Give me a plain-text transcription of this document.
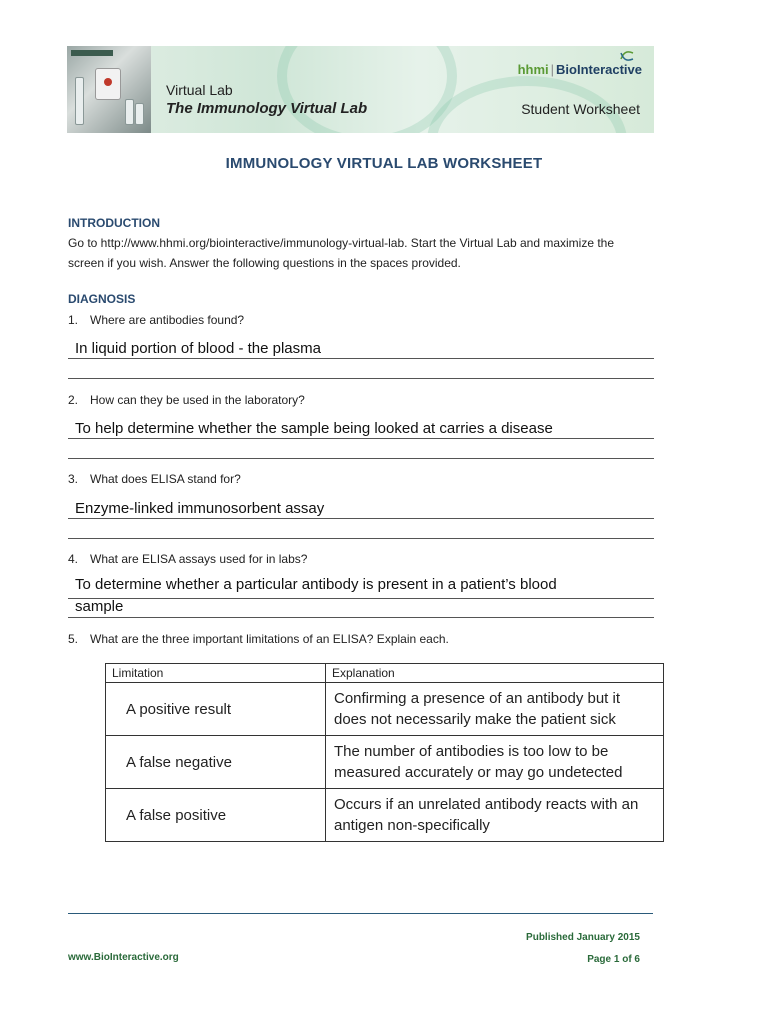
Virtual Lab
The Immunology Virtual Lab
hhmi | BioInteractive
Student Worksheet
IMMUNOLOGY VIRTUAL LAB WORKSHEET
INTRODUCTION
Go to http://www.hhmi.org/biointeractive/immunology-virtual-lab. Start the Virtual Lab and maximize the
screen if you wish. Answer the following questions in the spaces provided.
DIAGNOSIS
1. Where are antibodies found?
In liquid portion of blood - the plasma
2. How can they be used in the laboratory?
To help determine whether the sample being looked at carries a disease
3. What does ELISA stand for?
Enzyme-linked immunosorbent assay
4. What are ELISA assays used for in labs?
To determine whether a particular antibody is present in a patient’s blood
sample
5. What are the three important limitations of an ELISA? Explain each.
Limitation	Explanation
A positive result	Confirming a presence of an antibody but it does not necessarily make the patient sick
A false negative	The number of antibodies is too low to be measured accurately or may go undetected
A false positive	Occurs if an unrelated antibody reacts with an antigen non-specifically
Published January 2015
www.BioInteractive.org	Page 1 of 6
